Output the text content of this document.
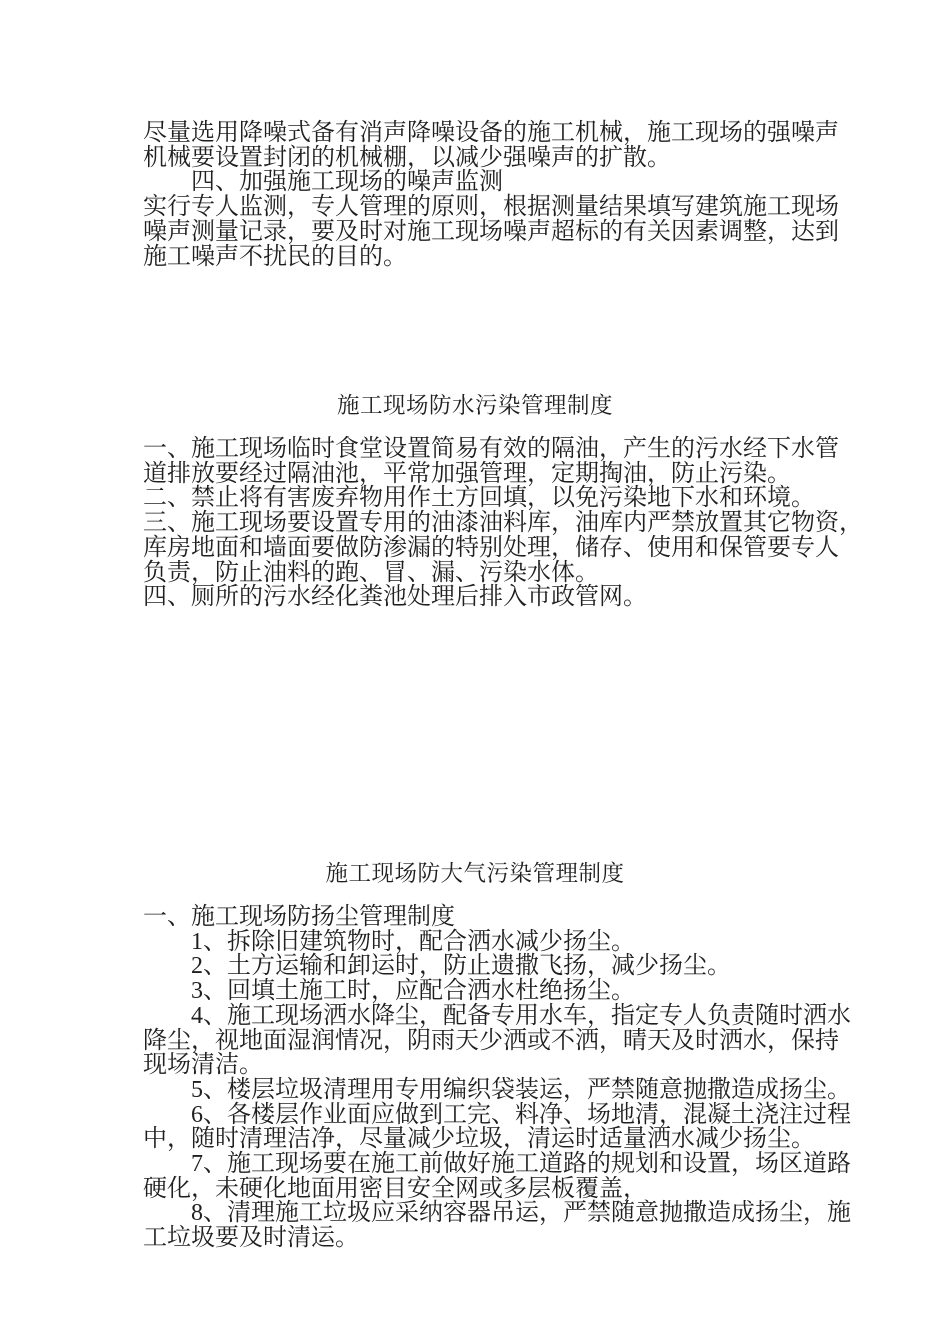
尽量选用降噪式备有消声降噪设备的施工机械，施工现场的强噪声
机械要设置封闭的机械棚，以减少强噪声的扩散。
　　四、加强施工现场的噪声监测
实行专人监测，专人管理的原则，根据测量结果填写建筑施工现场
噪声测量记录，要及时对施工现场噪声超标的有关因素调整，达到
施工噪声不扰民的目的。
施工现场防水污染管理制度
一、施工现场临时食堂设置简易有效的隔油，产生的污水经下水管
道排放要经过隔油池，平常加强管理，定期掏油，防止污染。
二、禁止将有害废弃物用作土方回填，以免污染地下水和环境。
三、施工现场要设置专用的油漆油料库，油库内严禁放置其它物资，
库房地面和墙面要做防渗漏的特别处理，储存、使用和保管要专人
负责，防止油料的跑、冒、漏、污染水体。
四、厕所的污水经化粪池处理后排入市政管网。
施工现场防大气污染管理制度
一、施工现场防扬尘管理制度
　　1、拆除旧建筑物时，配合洒水减少扬尘。
　　2、土方运输和卸运时，防止遗撒飞扬，减少扬尘。
　　3、回填土施工时，应配合洒水杜绝扬尘。
　　4、施工现场洒水降尘，配备专用水车，指定专人负责随时洒水
降尘，视地面湿润情况，阴雨天少洒或不洒，晴天及时洒水，保持
现场清洁。
　　5、楼层垃圾清理用专用编织袋装运，严禁随意抛撒造成扬尘。
　　6、各楼层作业面应做到工完、料净、场地清，混凝土浇注过程
中，随时清理洁净，尽量减少垃圾，清运时适量洒水减少扬尘。
　　7、施工现场要在施工前做好施工道路的规划和设置，场区道路
硬化，未硬化地面用密目安全网或多层板覆盖，
　　8、清理施工垃圾应采纳容器吊运，严禁随意抛撒造成扬尘，施
工垃圾要及时清运。
